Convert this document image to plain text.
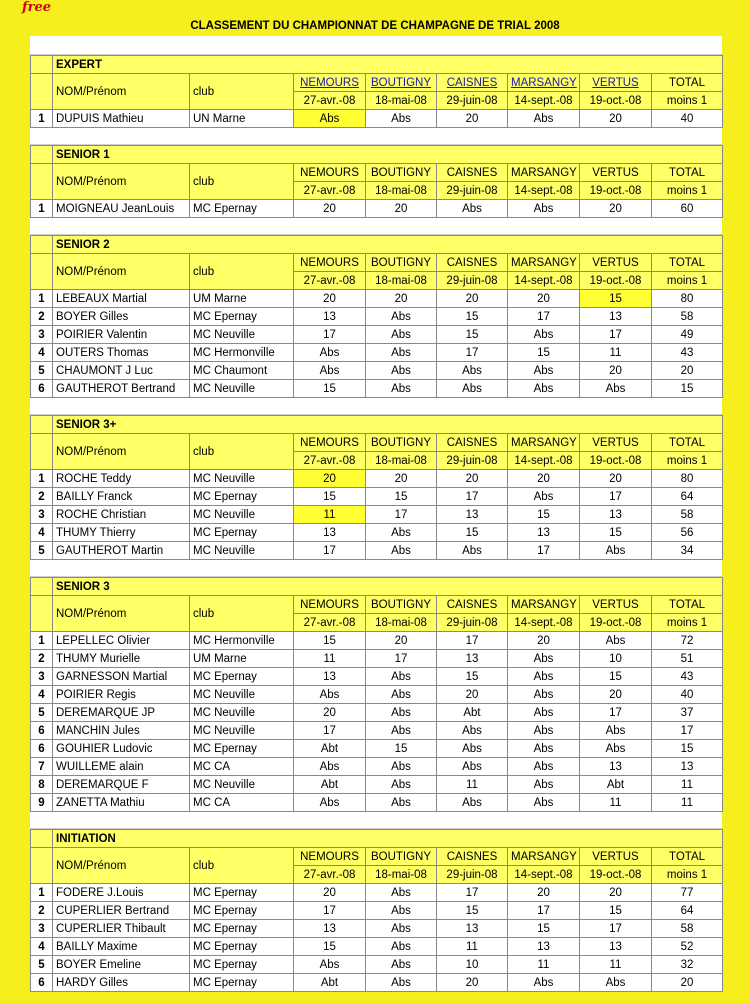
free
CLASSEMENT DU CHAMPIONNAT DE CHAMPAGNE DE TRIAL 2008
	EXPERT							
	NOM/Prénom	club	NEMOURS	BOUTIGNY	CAISNES	MARSANGY	VERTUS	TOTAL
			27-avr.-08	18-mai-08	29-juin-08	14-sept.-08	19-oct.-08	moins 1
1	DUPUIS Mathieu	UN Marne	Abs	Abs	20	Abs	20	40
	SENIOR 1							
	NOM/Prénom	club	NEMOURS	BOUTIGNY	CAISNES	MARSANGY	VERTUS	TOTAL
			27-avr.-08	18-mai-08	29-juin-08	14-sept.-08	19-oct.-08	moins 1
1	MOIGNEAU JeanLouis	MC Epernay	20	20	Abs	Abs	20	60
	SENIOR 2							
	NOM/Prénom	club	NEMOURS	BOUTIGNY	CAISNES	MARSANGY	VERTUS	TOTAL
			27-avr.-08	18-mai-08	29-juin-08	14-sept.-08	19-oct.-08	moins 1
1	LEBEAUX Martial	UM Marne	20	20	20	20	15	80
2	BOYER Gilles	MC Epernay	13	Abs	15	17	13	58
3	POIRIER Valentin	MC Neuville	17	Abs	15	Abs	17	49
4	OUTERS Thomas	MC Hermonville	Abs	Abs	17	15	11	43
5	CHAUMONT J Luc	MC Chaumont	Abs	Abs	Abs	Abs	20	20
6	GAUTHEROT Bertrand	MC Neuville	15	Abs	Abs	Abs	Abs	15
	SENIOR 3+							
	NOM/Prénom	club	NEMOURS	BOUTIGNY	CAISNES	MARSANGY	VERTUS	TOTAL
			27-avr.-08	18-mai-08	29-juin-08	14-sept.-08	19-oct.-08	moins 1
1	ROCHE Teddy	MC Neuville	20	20	20	20	20	80
2	BAILLY Franck	MC Epernay	15	15	17	Abs	17	64
3	ROCHE Christian	MC Neuville	11	17	13	15	13	58
4	THUMY Thierry	MC Epernay	13	Abs	15	13	15	56
5	GAUTHEROT Martin	MC Neuville	17	Abs	Abs	17	Abs	34
	SENIOR 3							
	NOM/Prénom	club	NEMOURS	BOUTIGNY	CAISNES	MARSANGY	VERTUS	TOTAL
			27-avr.-08	18-mai-08	29-juin-08	14-sept.-08	19-oct.-08	moins 1
1	LEPELLEC Olivier	MC Hermonville	15	20	17	20	Abs	72
2	THUMY Murielle	UM Marne	11	17	13	Abs	10	51
3	GARNESSON Martial	MC Epernay	13	Abs	15	Abs	15	43
4	POIRIER Regis	MC Neuville	Abs	Abs	20	Abs	20	40
5	DEREMARQUE JP	MC Neuville	20	Abs	Abt	Abs	17	37
6	MANCHIN Jules	MC Neuville	17	Abs	Abs	Abs	Abs	17
6	GOUHIER Ludovic	MC Epernay	Abt	15	Abs	Abs	Abs	15
7	WUILLEME alain	MC CA	Abs	Abs	Abs	Abs	13	13
8	DEREMARQUE F	MC Neuville	Abt	Abs	11	Abs	Abt	11
9	ZANETTA Mathiu	MC CA	Abs	Abs	Abs	Abs	11	11
	INITIATION							
	NOM/Prénom	club	NEMOURS	BOUTIGNY	CAISNES	MARSANGY	VERTUS	TOTAL
			27-avr.-08	18-mai-08	29-juin-08	14-sept.-08	19-oct.-08	moins 1
1	FODERE J.Louis	MC Epernay	20	Abs	17	20	20	77
2	CUPERLIER Bertrand	MC Epernay	17	Abs	15	17	15	64
3	CUPERLIER Thibault	MC Epernay	13	Abs	13	15	17	58
4	BAILLY Maxime	MC Epernay	15	Abs	11	13	13	52
5	BOYER Emeline	MC Epernay	Abs	Abs	10	11	11	32
6	HARDY Gilles	MC Epernay	Abt	Abs	20	Abs	Abs	20
